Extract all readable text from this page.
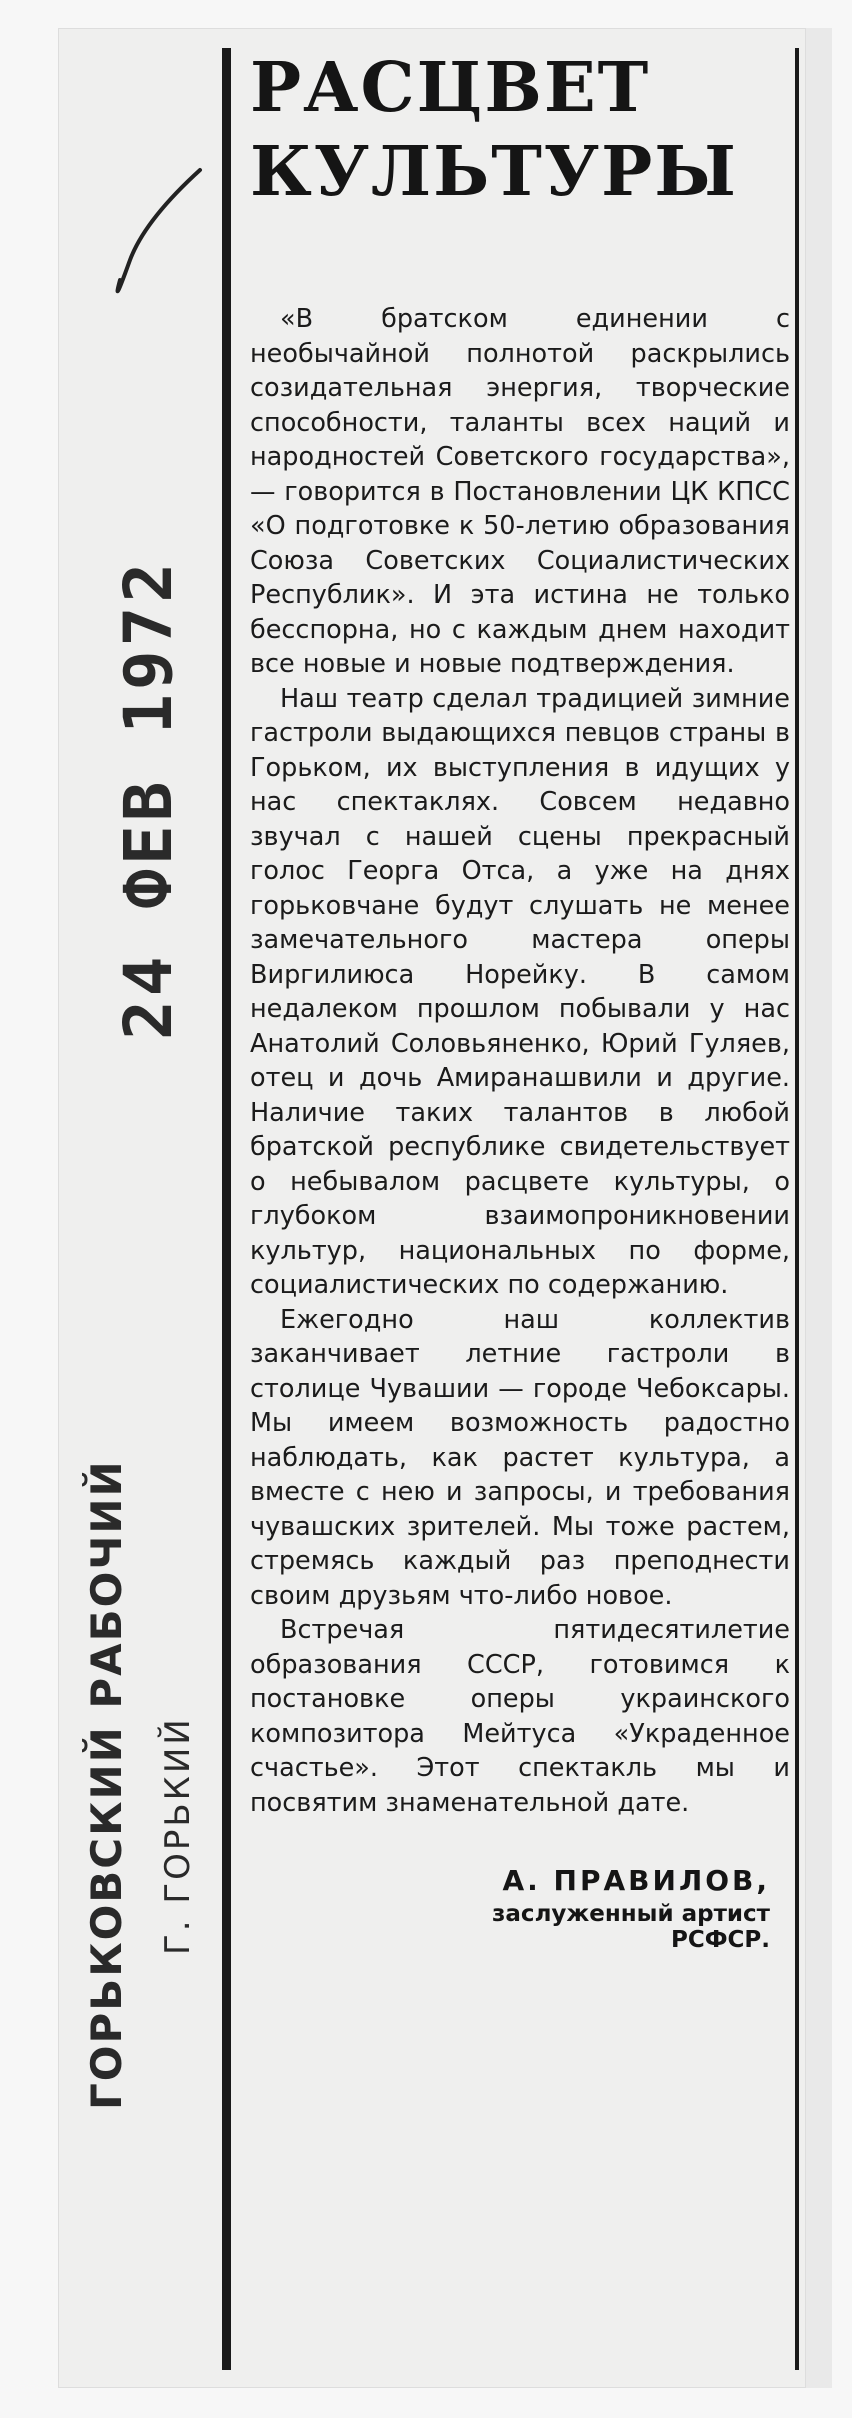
24 ФЕВ 1972
ГОРЬКОВСКИЙ РАБОЧИЙ Г. ГОРЬКИЙ
РАСЦВЕТ
КУЛЬТУРЫ

«В братском единении с необычайной полнотой раскрылись созидательная энергия, творческие способности, таланты всех наций и народностей Советского государства», — говорится в Постановлении ЦК КПСС «О подготовке к 50-летию образования Союза Советских Социалистических Республик». И эта истина не только бесспорна, но с каждым днем находит все новые и новые подтверждения.

Наш театр сделал традицией зимние гастроли выдающихся певцов страны в Горьком, их выступления в идущих у нас спектаклях. Совсем недавно звучал с нашей сцены прекрасный голос Георга Отса, а уже на днях горьковчане будут слушать не менее замечательного мастера оперы Виргилиюса Норейку. В самом недалеком прошлом побывали у нас Анатолий Соловьяненко, Юрий Гуляев, отец и дочь Амиранашвили и другие. Наличие таких талантов в любой братской республике свидетельствует о небывалом расцвете культуры, о глубоком взаимопроникновении культур, национальных по форме, социалистических по содержанию.

Ежегодно наш коллектив заканчивает летние гастроли в столице Чувашии — городе Чебоксары. Мы имеем возможность радостно наблюдать, как растет культура, а вместе с нею и запросы, и требования чувашских зрителей. Мы тоже растем, стремясь каждый раз преподнести своим друзьям что-либо новое.

Встречая пятидесятилетие образования СССР, готовимся к постановке оперы украинского композитора Мейтуса «Украденное счастье». Этот спектакль мы и посвятим знаменательной дате.

А. ПРАВИЛОВ,
заслуженный артист
РСФСР.
